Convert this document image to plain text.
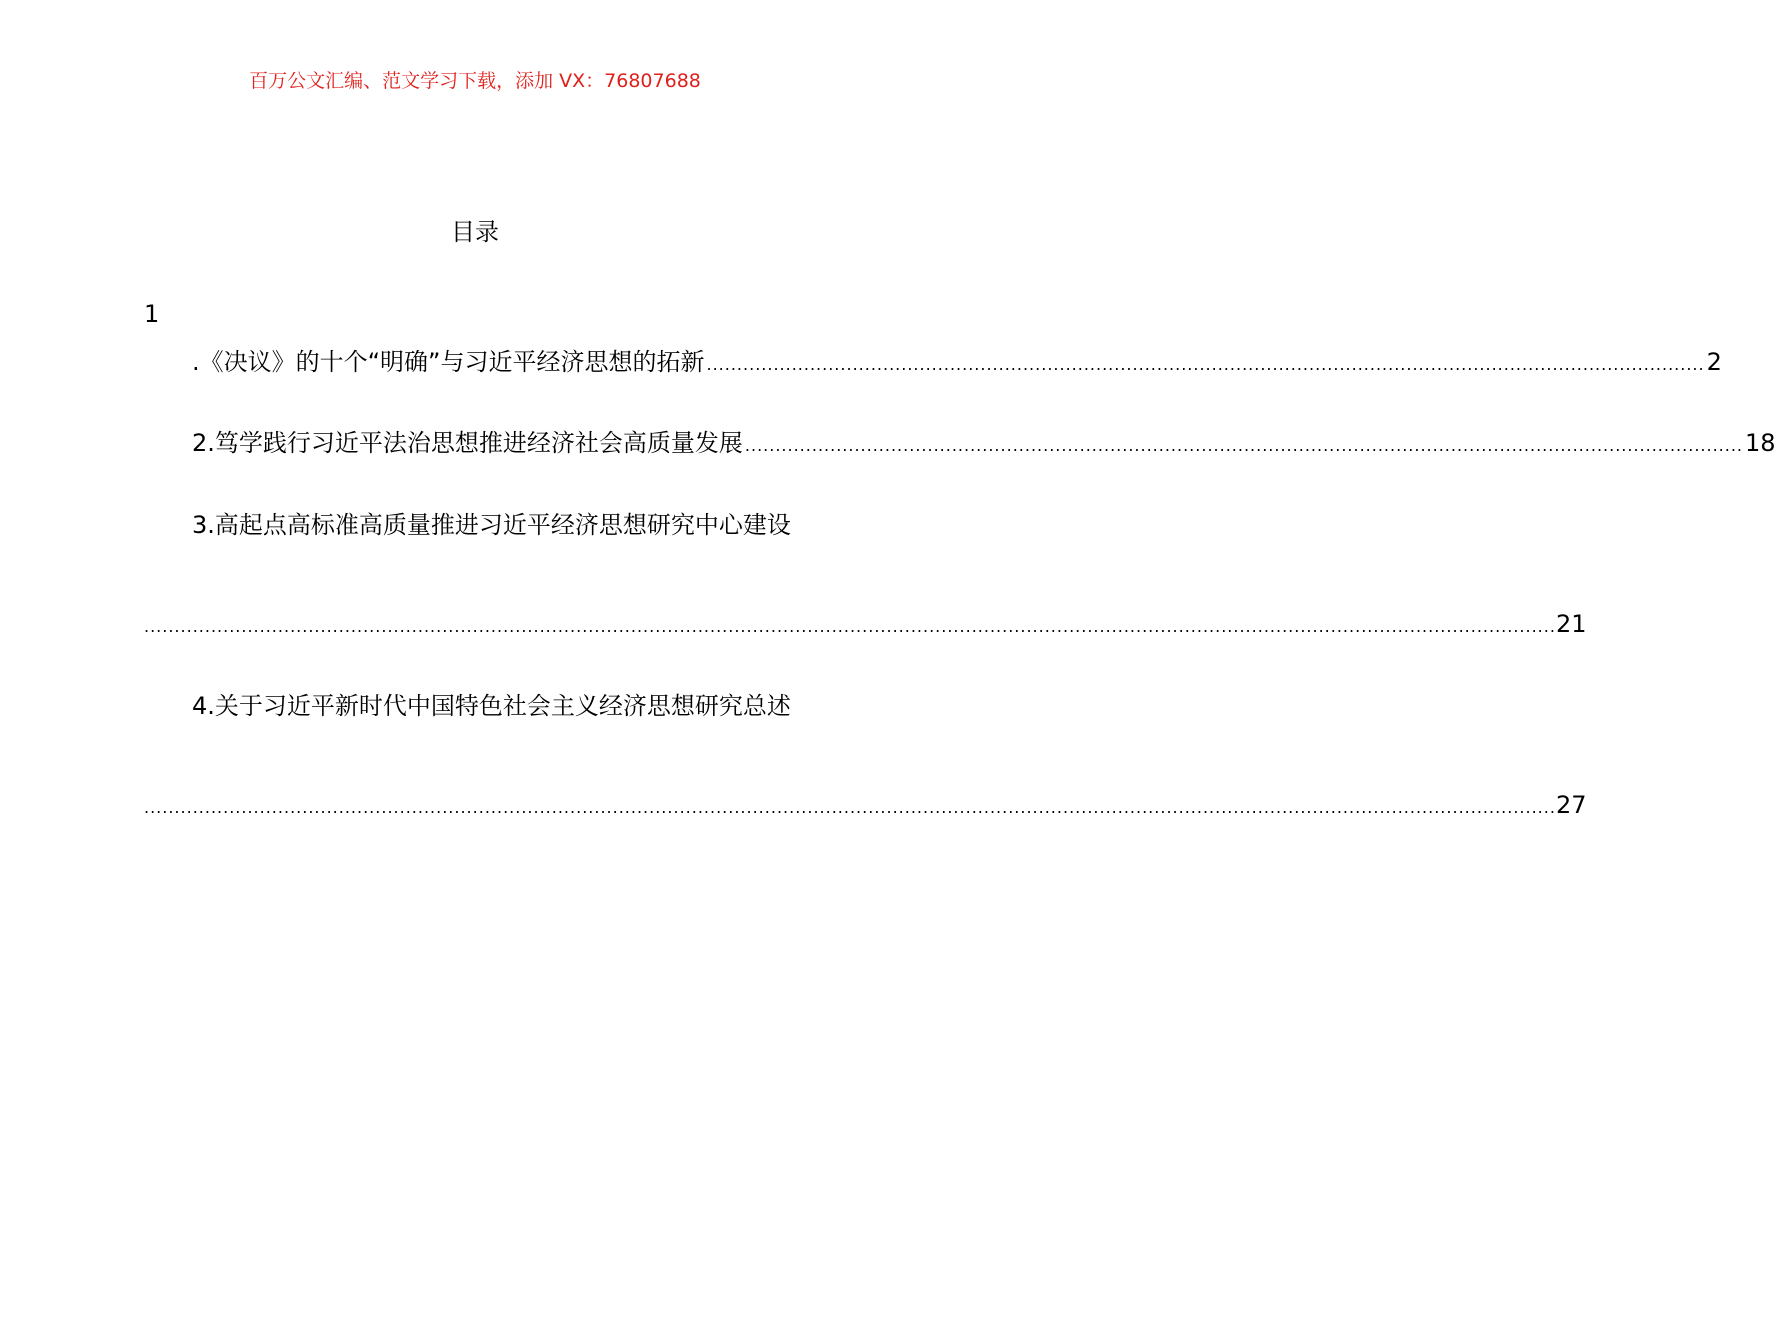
百万公文汇编、范文学习下载，添加 VX：76807688
目录
1
.《决议》的十个“明确”与习近平经济思想的拓新 .................................................................................................................................................................... 2
2.笃学践行习近平法治思想推进经济社会高质量发展 .................................................................................................................................................................... 18
3.高起点高标准高质量推进习近平经济思想研究中心建设
........................................................................................................................................................................................................................................ 21
4.关于习近平新时代中国特色社会主义经济思想研究总述
........................................................................................................................................................................................................................................ 27
